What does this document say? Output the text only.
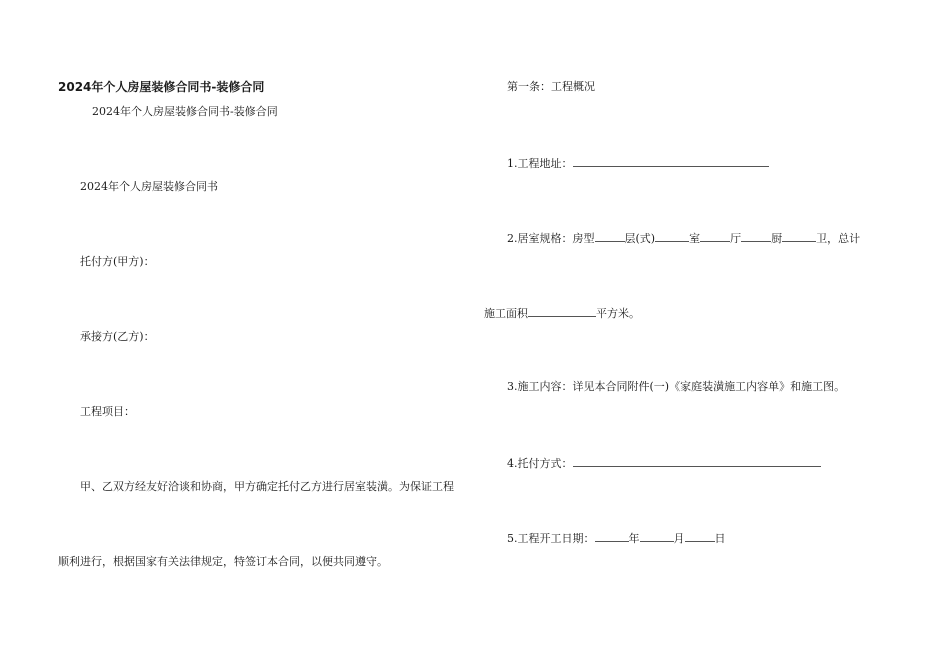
2024年个人房屋装修合同书-装修合同
2024年个人房屋装修合同书-装修合同
2024年个人房屋装修合同书
托付方(甲方)：
承接方(乙方)：
工程项目：
甲、乙双方经友好洽谈和协商，甲方确定托付乙方进行居室装潢。为保证工程
顺利进行，根据国家有关法律规定，特签订本合同，以便共同遵守。
第一条：工程概况
1.工程地址：
2.居室规格：房型	层(式)	室	厅	厨	卫，总计
施工面积	平方米。
3.施工内容：详见本合同附件(一)《家庭装潢施工内容单》和施工图。
4.托付方式：
5.工程开工日期：	年	月	日
